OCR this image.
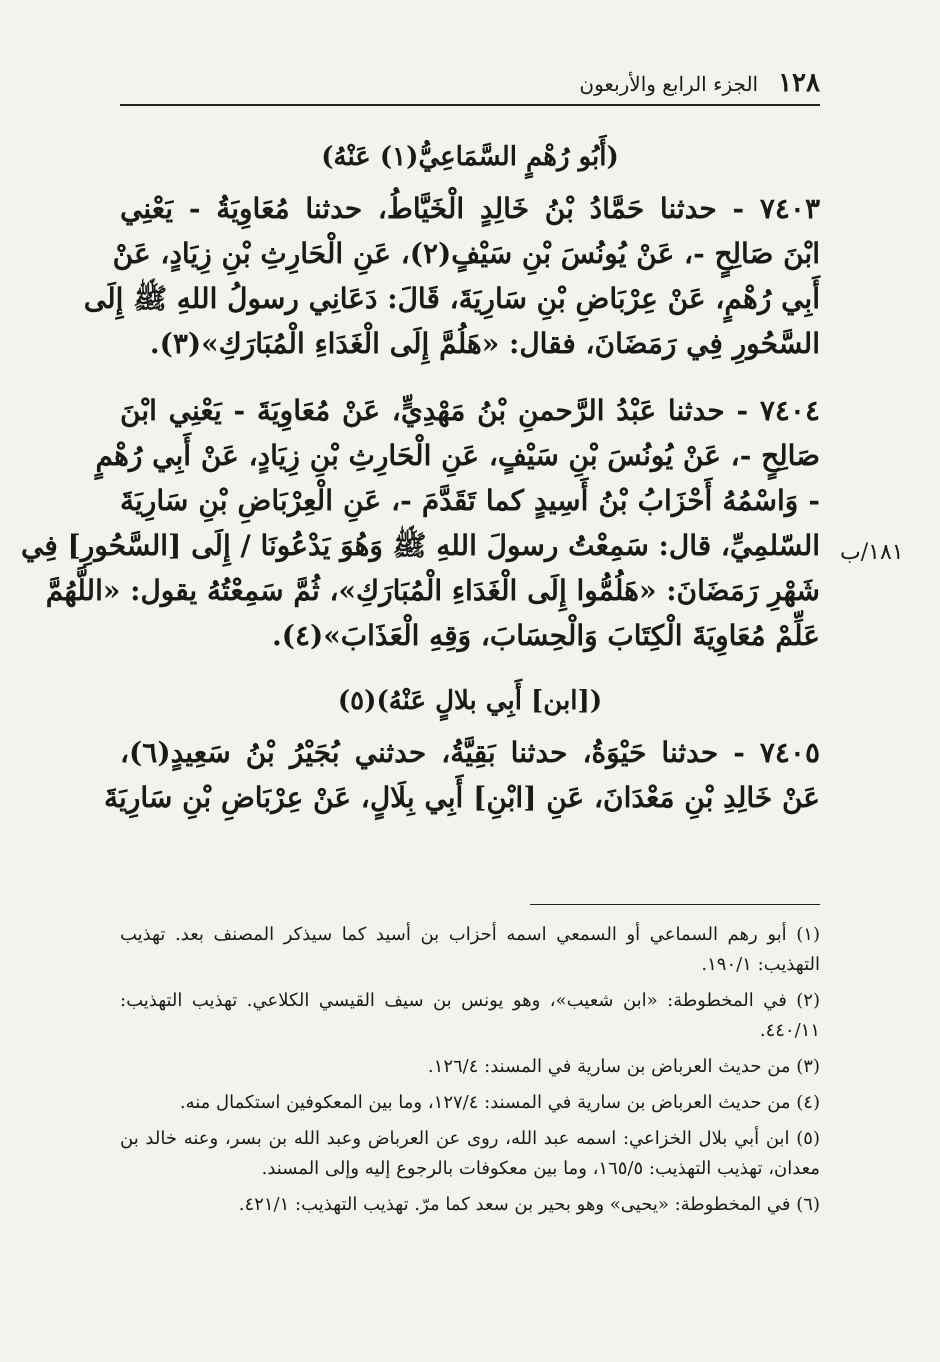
١٢٨
الجزء الرابع والأربعون
١٨١/ب
(أَبُو رُهْمٍ السَّمَاعِيُّ(١) عَنْهُ)
٧٤٠٣ - حدثنا حَمَّادُ بْنُ خَالِدٍ الْخَيَّاطُ، حدثنا مُعَاوِيَةُ - يَعْنِي
ابْنَ صَالِحٍ -، عَنْ يُونُسَ بْنِ سَيْفٍ(٢)، عَنِ الْحَارِثِ بْنِ زِيَادٍ، عَنْ
أَبِي رُهْمٍ، عَنْ عِرْبَاضِ بْنِ سَارِيَةَ، قَالَ: دَعَانِي رسولُ اللهِ ﷺ إِلَى
السَّحُورِ فِي رَمَضَانَ، فقال: «هَلُمَّ إِلَى الْغَدَاءِ الْمُبَارَكِ»(٣).
٧٤٠٤ - حدثنا عَبْدُ الرَّحمنِ بْنُ مَهْدِيٍّ، عَنْ مُعَاوِيَةَ - يَعْنِي ابْنَ
صَالِحٍ -، عَنْ يُونُسَ بْنِ سَيْفٍ، عَنِ الْحَارِثِ بْنِ زِيَادٍ، عَنْ أَبِي رُهْمٍ
- وَاسْمُهُ أَحْزَابُ بْنُ أَسِيدٍ كما تَقَدَّمَ -، عَنِ الْعِرْبَاضِ بْنِ سَارِيَةَ
السّلمِيِّ، قال: سَمِعْتُ رسولَ اللهِ ﷺ وَهُوَ يَدْعُونَا / إِلَى [السَّحُورِ] فِي
شَهْرِ رَمَضَانَ: «هَلُمُّوا إِلَى الْغَدَاءِ الْمُبَارَكِ»، ثُمَّ سَمِعْتُهُ يقول: «اللَّهُمَّ
عَلِّمْ مُعَاوِيَةَ الْكِتَابَ وَالْحِسَابَ، وَقِهِ الْعَذَابَ»(٤).
([ابن] أَبِي بلالٍ عَنْهُ)(٥)
٧٤٠٥ - حدثنا حَيْوَةُ، حدثنا بَقِيَّةُ، حدثني بُجَيْرُ بْنُ سَعِيدٍ(٦)،
عَنْ خَالِدِ بْنِ مَعْدَانَ، عَنِ [ابْنِ] أَبِي بِلَالٍ، عَنْ عِرْبَاضِ بْنِ سَارِيَةَ
(١) أبو رهم السماعي أو السمعي اسمه أحزاب بن أسيد كما سيذكر المصنف بعد. تهذيب التهذيب: ١٩٠/١.
(٢) في المخطوطة: «ابن شعيب»، وهو يونس بن سيف القيسي الكلاعي. تهذيب التهذيب: ٤٤٠/١١.
(٣) من حديث العرباض بن سارية في المسند: ١٢٦/٤.
(٤) من حديث العرباض بن سارية في المسند: ١٢٧/٤، وما بين المعكوفين استكمال منه.
(٥) ابن أبي بلال الخزاعي: اسمه عبد الله، روى عن العرباض وعبد الله بن بسر، وعنه خالد بن معدان، تهذيب التهذيب: ١٦٥/٥، وما بين معكوفات بالرجوع إليه وإلى المسند.
(٦) في المخطوطة: «يحيى» وهو بحير بن سعد كما مرّ. تهذيب التهذيب: ٤٢١/١.
